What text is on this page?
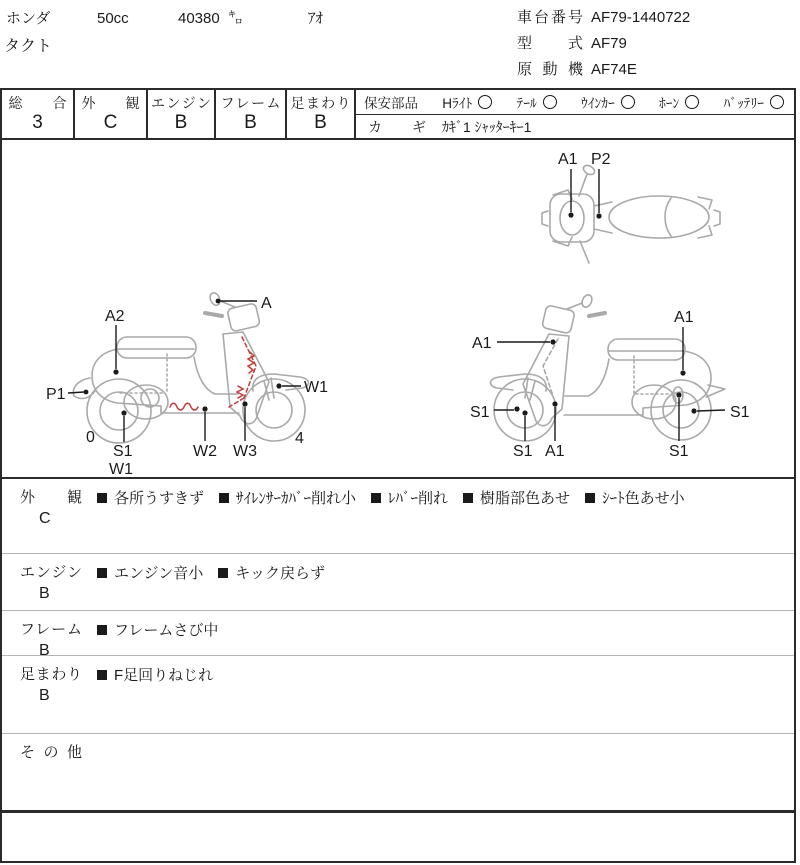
ホンダ	50cc	40380 ㌔	ｱｵ
タクト
車台番号 AF79-1440722
型式 AF79
原動機 AF74E
総合
3
外観
C
エンジン
B
フレーム
B
足まわり
B
保安部品 Hﾗｲﾄ	ﾃｰﾙ	ｳｲﾝｶｰ	ﾎｰﾝ	ﾊﾞｯﾃﾘｰ
カギ ｶｷﾞ1 ｼｬｯﾀｰｷｰ1
A1 P2
A
A2
P1	W1
0
S1
W1
W2 W3
4
A1
A1
S1
S1 A1	S1
S1
外観
C
各所うすきず ｻｲﾚﾝｻｰｶﾊﾞｰ削れ小 ﾚﾊﾞｰ削れ 樹脂部色あせ ｼｰﾄ色あせ小
エンジン
B
エンジン音小 キック戻らず
フレーム
B
フレームさび中
足まわり
B
F足回りねじれ
その他
